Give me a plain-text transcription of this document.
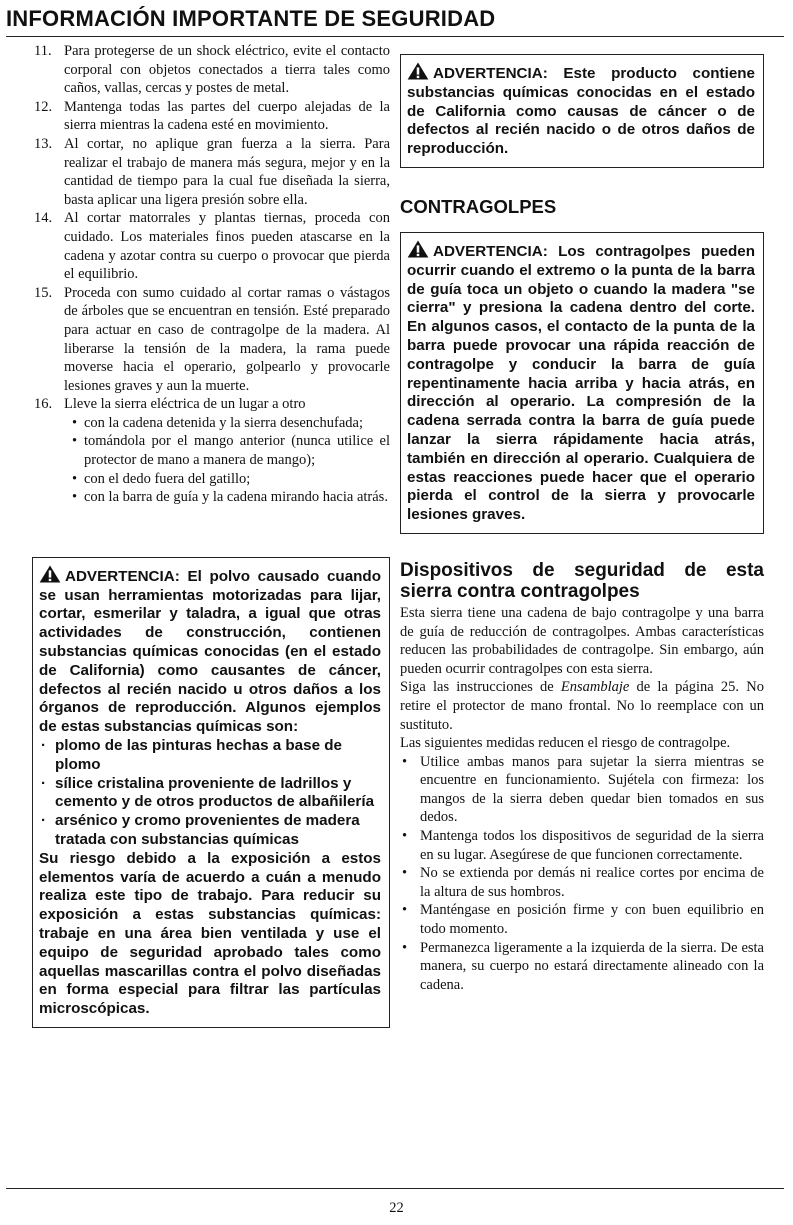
INFORMACIÓN IMPORTANTE DE SEGURIDAD
11. Para protegerse de un shock eléctrico, evite el contacto corporal con objetos conectados a tierra tales como caños, vallas, cercas y postes de metal.
12. Mantenga todas las partes del cuerpo alejadas de la sierra mientras la cadena esté en movimiento.
13. Al cortar, no aplique gran fuerza a la sierra. Para realizar el trabajo de manera más segura, mejor y en la cantidad de tiempo para la cual fue diseñada la sierra, basta aplicar una ligera presión sobre ella.
14. Al cortar matorrales y plantas tiernas, proceda con cuidado. Los materiales finos pueden atascarse en la cadena y azotar contra su cuerpo o provocar que pierda el equilibrio.
15. Proceda con sumo cuidado al cortar ramas o vástagos de árboles que se encuentran en tensión. Esté preparado para actuar en caso de contragolpe de la madera. Al liberarse la tensión de la madera, la rama puede moverse hacia el operario, golpearlo y provocarle lesiones graves y aun la muerte.
16. Lleve la sierra eléctrica de un lugar a otro
• con la cadena detenida y la sierra desenchufada;
• tomándola por el mango anterior (nunca utilice el protector de mano a manera de mango);
• con el dedo fuera del gatillo;
• con la barra de guía y la cadena mirando hacia atrás.
ADVERTENCIA: El polvo causado cuando se usan herramientas motorizadas para lijar, cortar, esmerilar y taladra, a igual que otras actividades de construcción, contienen substancias químicas conocidas (en el estado de California) como causantes de cáncer, defectos al recién nacido u otros daños a los órganos de reproducción. Algunos ejemplos de estas substancias químicas son:
· plomo de las pinturas hechas a base de plomo
· sílice cristalina proveniente de ladrillos y cemento y de otros productos de albañilería
· arsénico y cromo provenientes de madera tratada con substancias químicas
Su riesgo debido a la exposición a estos elementos varía de acuerdo a cuán a menudo realiza este tipo de trabajo. Para reducir su exposición a estas substancias químicas: trabaje en una área bien ventilada y use el equipo de seguridad aprobado tales como aquellas mascarillas contra el polvo diseñadas en forma especial para filtrar las partículas microscópicas.
ADVERTENCIA: Este producto contiene substancias químicas conocidas en el estado de California como causas de cáncer o de defectos al recién nacido o de otros daños de reproducción.
CONTRAGOLPES
ADVERTENCIA: Los contragolpes pueden ocurrir cuando el extremo o la punta de la barra de guía toca un objeto o cuando la madera "se cierra" y presiona la cadena dentro del corte. En algunos casos, el contacto de la punta de la barra puede provocar una rápida reacción de contragolpe y conducir la barra de guía repentinamente hacia arriba y hacia atrás, en dirección al operario. La compresión de la cadena serrada contra la barra de guía puede lanzar la sierra rápidamente hacia atrás, también en dirección al operario. Cualquiera de estas reacciones puede hacer que el operario pierda el control de la sierra y provocarle lesiones graves.
Dispositivos de seguridad de esta
sierra contra contragolpes

Esta sierra tiene una cadena de bajo contragolpe y una barra de guía de reducción de contragolpes. Ambas características reducen las probabilidades de contragolpe. Sin embargo, aún pueden ocurrir contragolpes con esta sierra.

Siga las instrucciones de Ensamblaje de la página 25. No retire el protector de mano frontal. No lo reemplace con un sustituto.

Las siguientes medidas reducen el riesgo de contragolpe.

• Utilice ambas manos para sujetar la sierra mientras se encuentre en funcionamiento. Sujétela con firmeza: los mangos de la sierra deben quedar bien tomados en sus dedos.
• Mantenga todos los dispositivos de seguridad de la sierra en su lugar. Asegúrese de que funcionen correctamente.
• No se extienda por demás ni realice cortes por encima de la altura de sus hombros.
• Manténgase en posición firme y con buen equilibrio en todo momento.
• Permanezca ligeramente a la izquierda de la sierra. De esta manera, su cuerpo no estará directamente alineado con la cadena.
22
